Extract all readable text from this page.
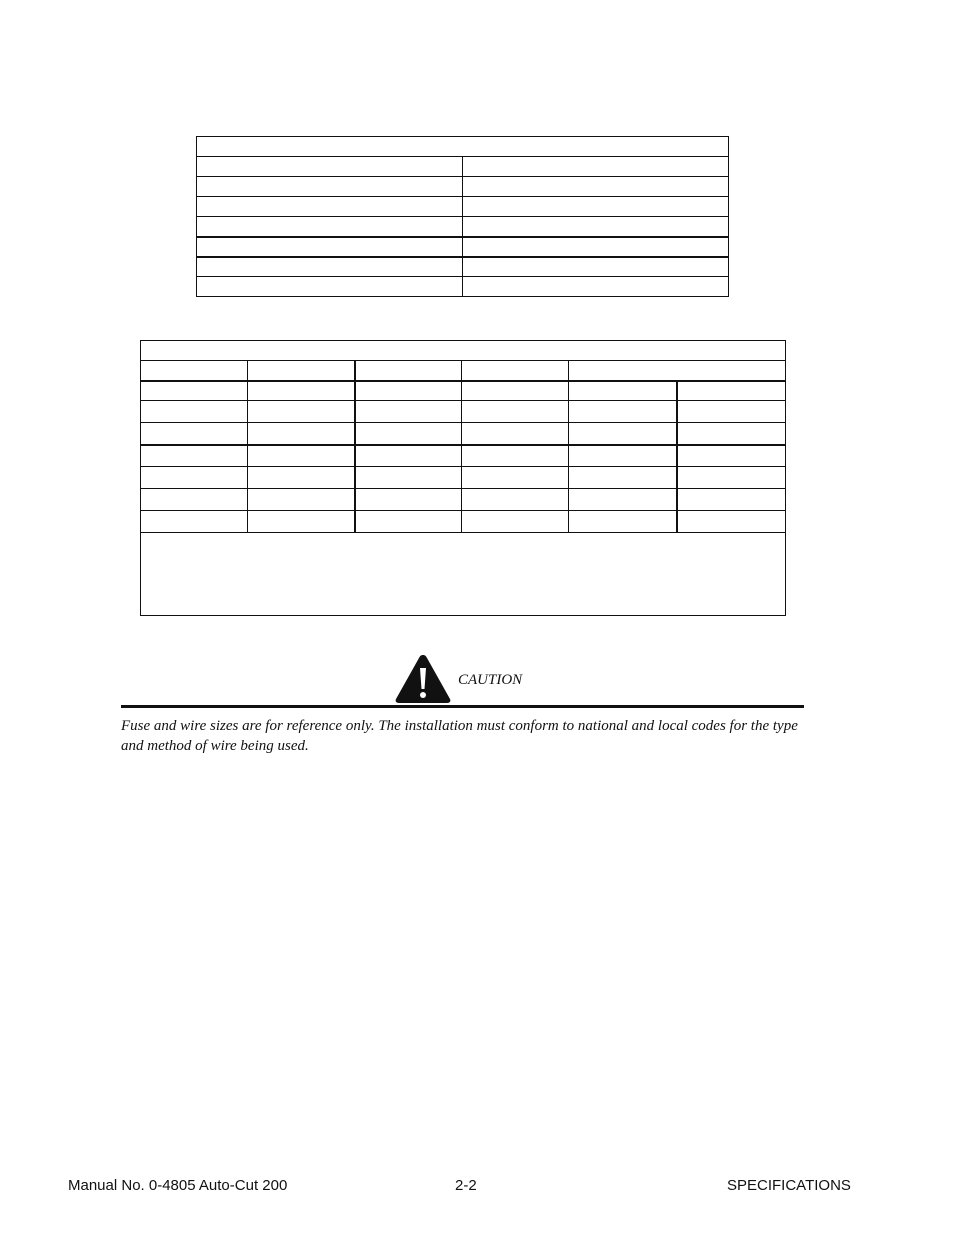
CAUTION
Fuse and wire sizes are for reference only. The installation must conform to national and local codes for the type and method of wire being used.
Manual No. 0-4805 Auto-Cut 200	2-2	SPECIFICATIONS
